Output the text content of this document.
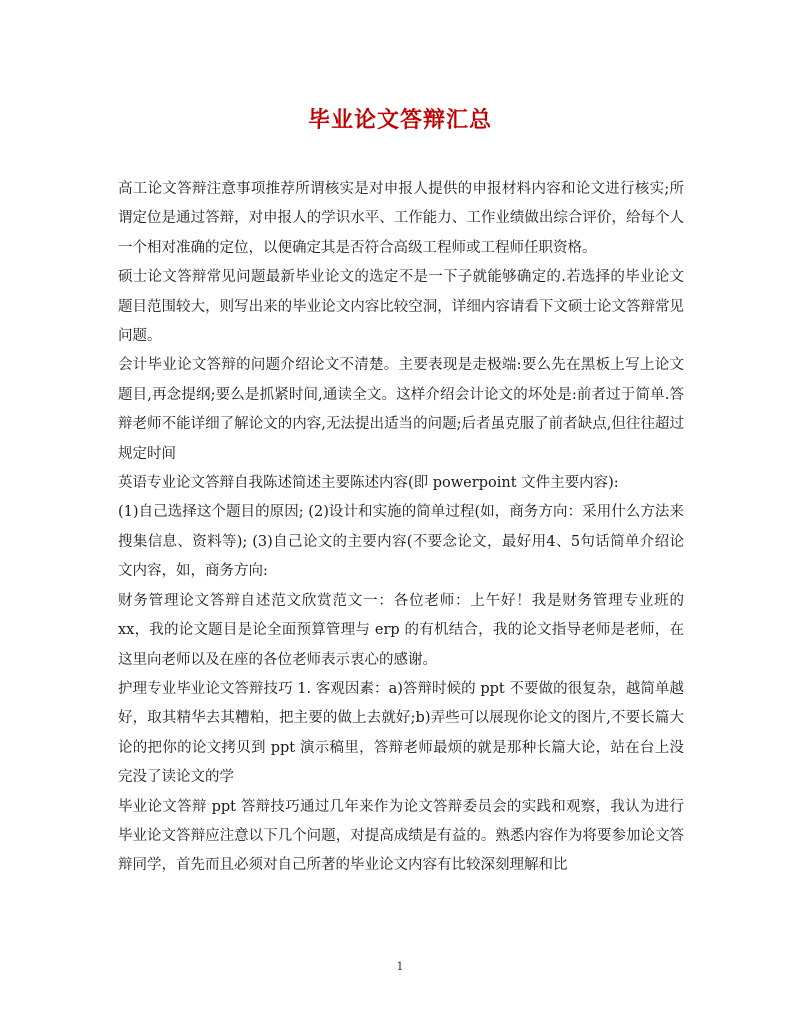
毕业论文答辩汇总

高工论文答辩注意事项推荐所谓核实是对申报人提供的申报材料内容和论文进行核实;所谓定位是通过答辩，对申报人的学识水平、工作能力、工作业绩做出综合评价，给每个人一个相对准确的定位，以便确定其是否符合高级工程师或工程师任职资格。

硕士论文答辩常见问题最新毕业论文的选定不是一下子就能够确定的.若选择的毕业论文题目范围较大，则写出来的毕业论文内容比较空洞，详细内容请看下文硕士论文答辩常见问题。

会计毕业论文答辩的问题介绍论文不清楚。主要表现是走极端:要么先在黑板上写上论文题目,再念提纲;要么是抓紧时间,通读全文。这样介绍会计论文的坏处是:前者过于简单.答辩老师不能详细了解论文的内容,无法提出适当的问题;后者虽克服了前者缺点,但往往超过规定时间

英语专业论文答辩自我陈述简述主要陈述内容(即 powerpoint 文件主要内容):

(1)自己选择这个题目的原因; (2)设计和实施的简单过程(如，商务方向：采用什么方法来搜集信息、资料等); (3)自己论文的主要内容(不要念论文，最好用4、5句话简单介绍论文内容，如，商务方向:

财务管理论文答辩自述范文欣赏范文一：各位老师：上午好！我是财务管理专业班的 xx，我的论文题目是论全面预算管理与 erp 的有机结合，我的论文指导老师是老师，在这里向老师以及在座的各位老师表示衷心的感谢。

护理专业毕业论文答辩技巧 1. 客观因素：a)答辩时候的 ppt 不要做的很复杂，越简单越好，取其精华去其糟粕，把主要的做上去就好;b)弄些可以展现你论文的图片,不要长篇大论的把你的论文拷贝到 ppt 演示稿里，答辩老师最烦的就是那种长篇大论，站在台上没完没了读论文的学

毕业论文答辩 ppt 答辩技巧通过几年来作为论文答辩委员会的实践和观察，我认为进行毕业论文答辩应注意以下几个问题，对提高成绩是有益的。熟悉内容作为将要参加论文答辩同学，首先而且必须对自己所著的毕业论文内容有比较深刻理解和比

1
